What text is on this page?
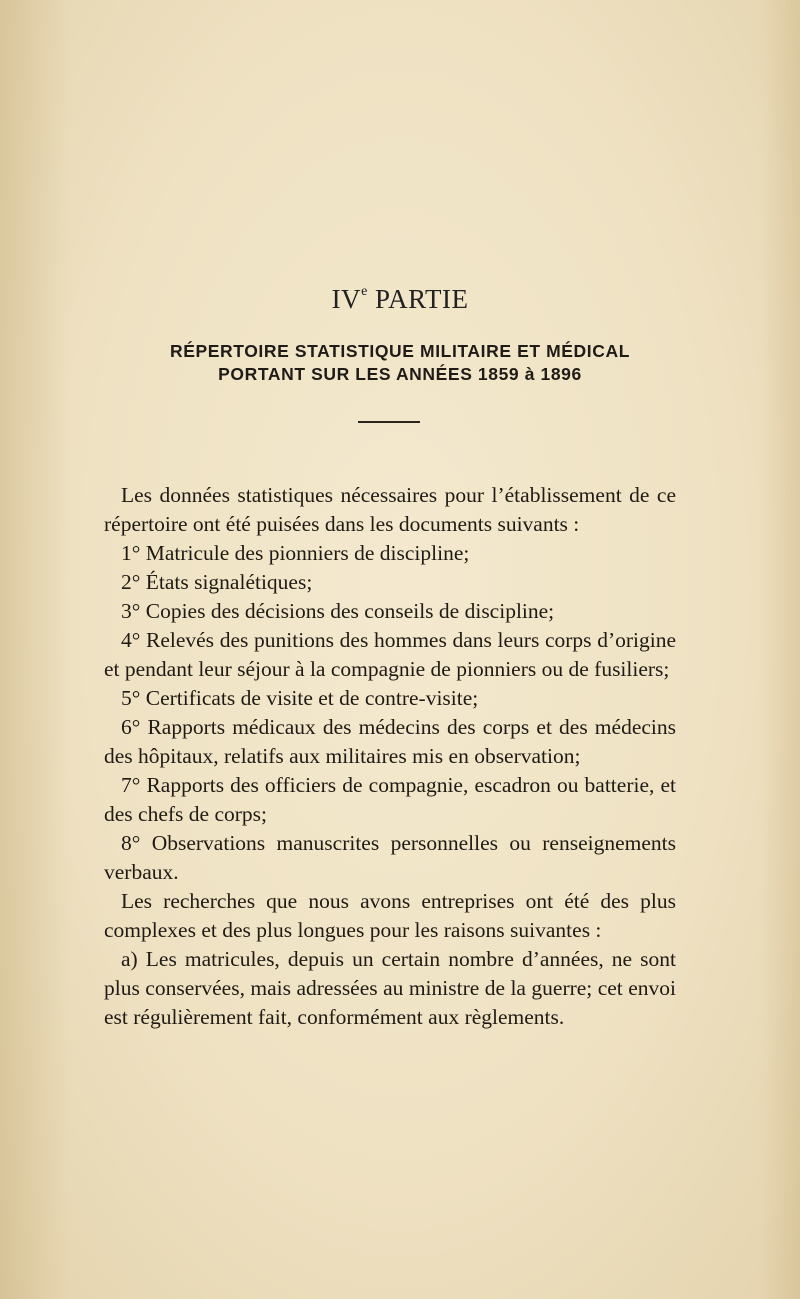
IVe PARTIE
RÉPERTOIRE STATISTIQUE MILITAIRE ET MÉDICAL
PORTANT SUR LES ANNÉES 1859 à 1896

Les données statistiques nécessaires pour l’établissement de ce répertoire ont été puisées dans les documents suivants :

1° Matricule des pionniers de discipline;

2° États signalétiques;

3° Copies des décisions des conseils de discipline;

4° Relevés des punitions des hommes dans leurs corps d’origine et pendant leur séjour à la compagnie de pionniers ou de fusiliers;

5° Certificats de visite et de contre-visite;

6° Rapports médicaux des médecins des corps et des médecins des hôpitaux, relatifs aux militaires mis en observation;

7° Rapports des officiers de compagnie, escadron ou batterie, et des chefs de corps;

8° Observations manuscrites personnelles ou renseignements verbaux.

Les recherches que nous avons entreprises ont été des plus complexes et des plus longues pour les raisons suivantes :

a) Les matricules, depuis un certain nombre d’années, ne sont plus conservées, mais adressées au ministre de la guerre; cet envoi est régulièrement fait, conformément aux règlements.
